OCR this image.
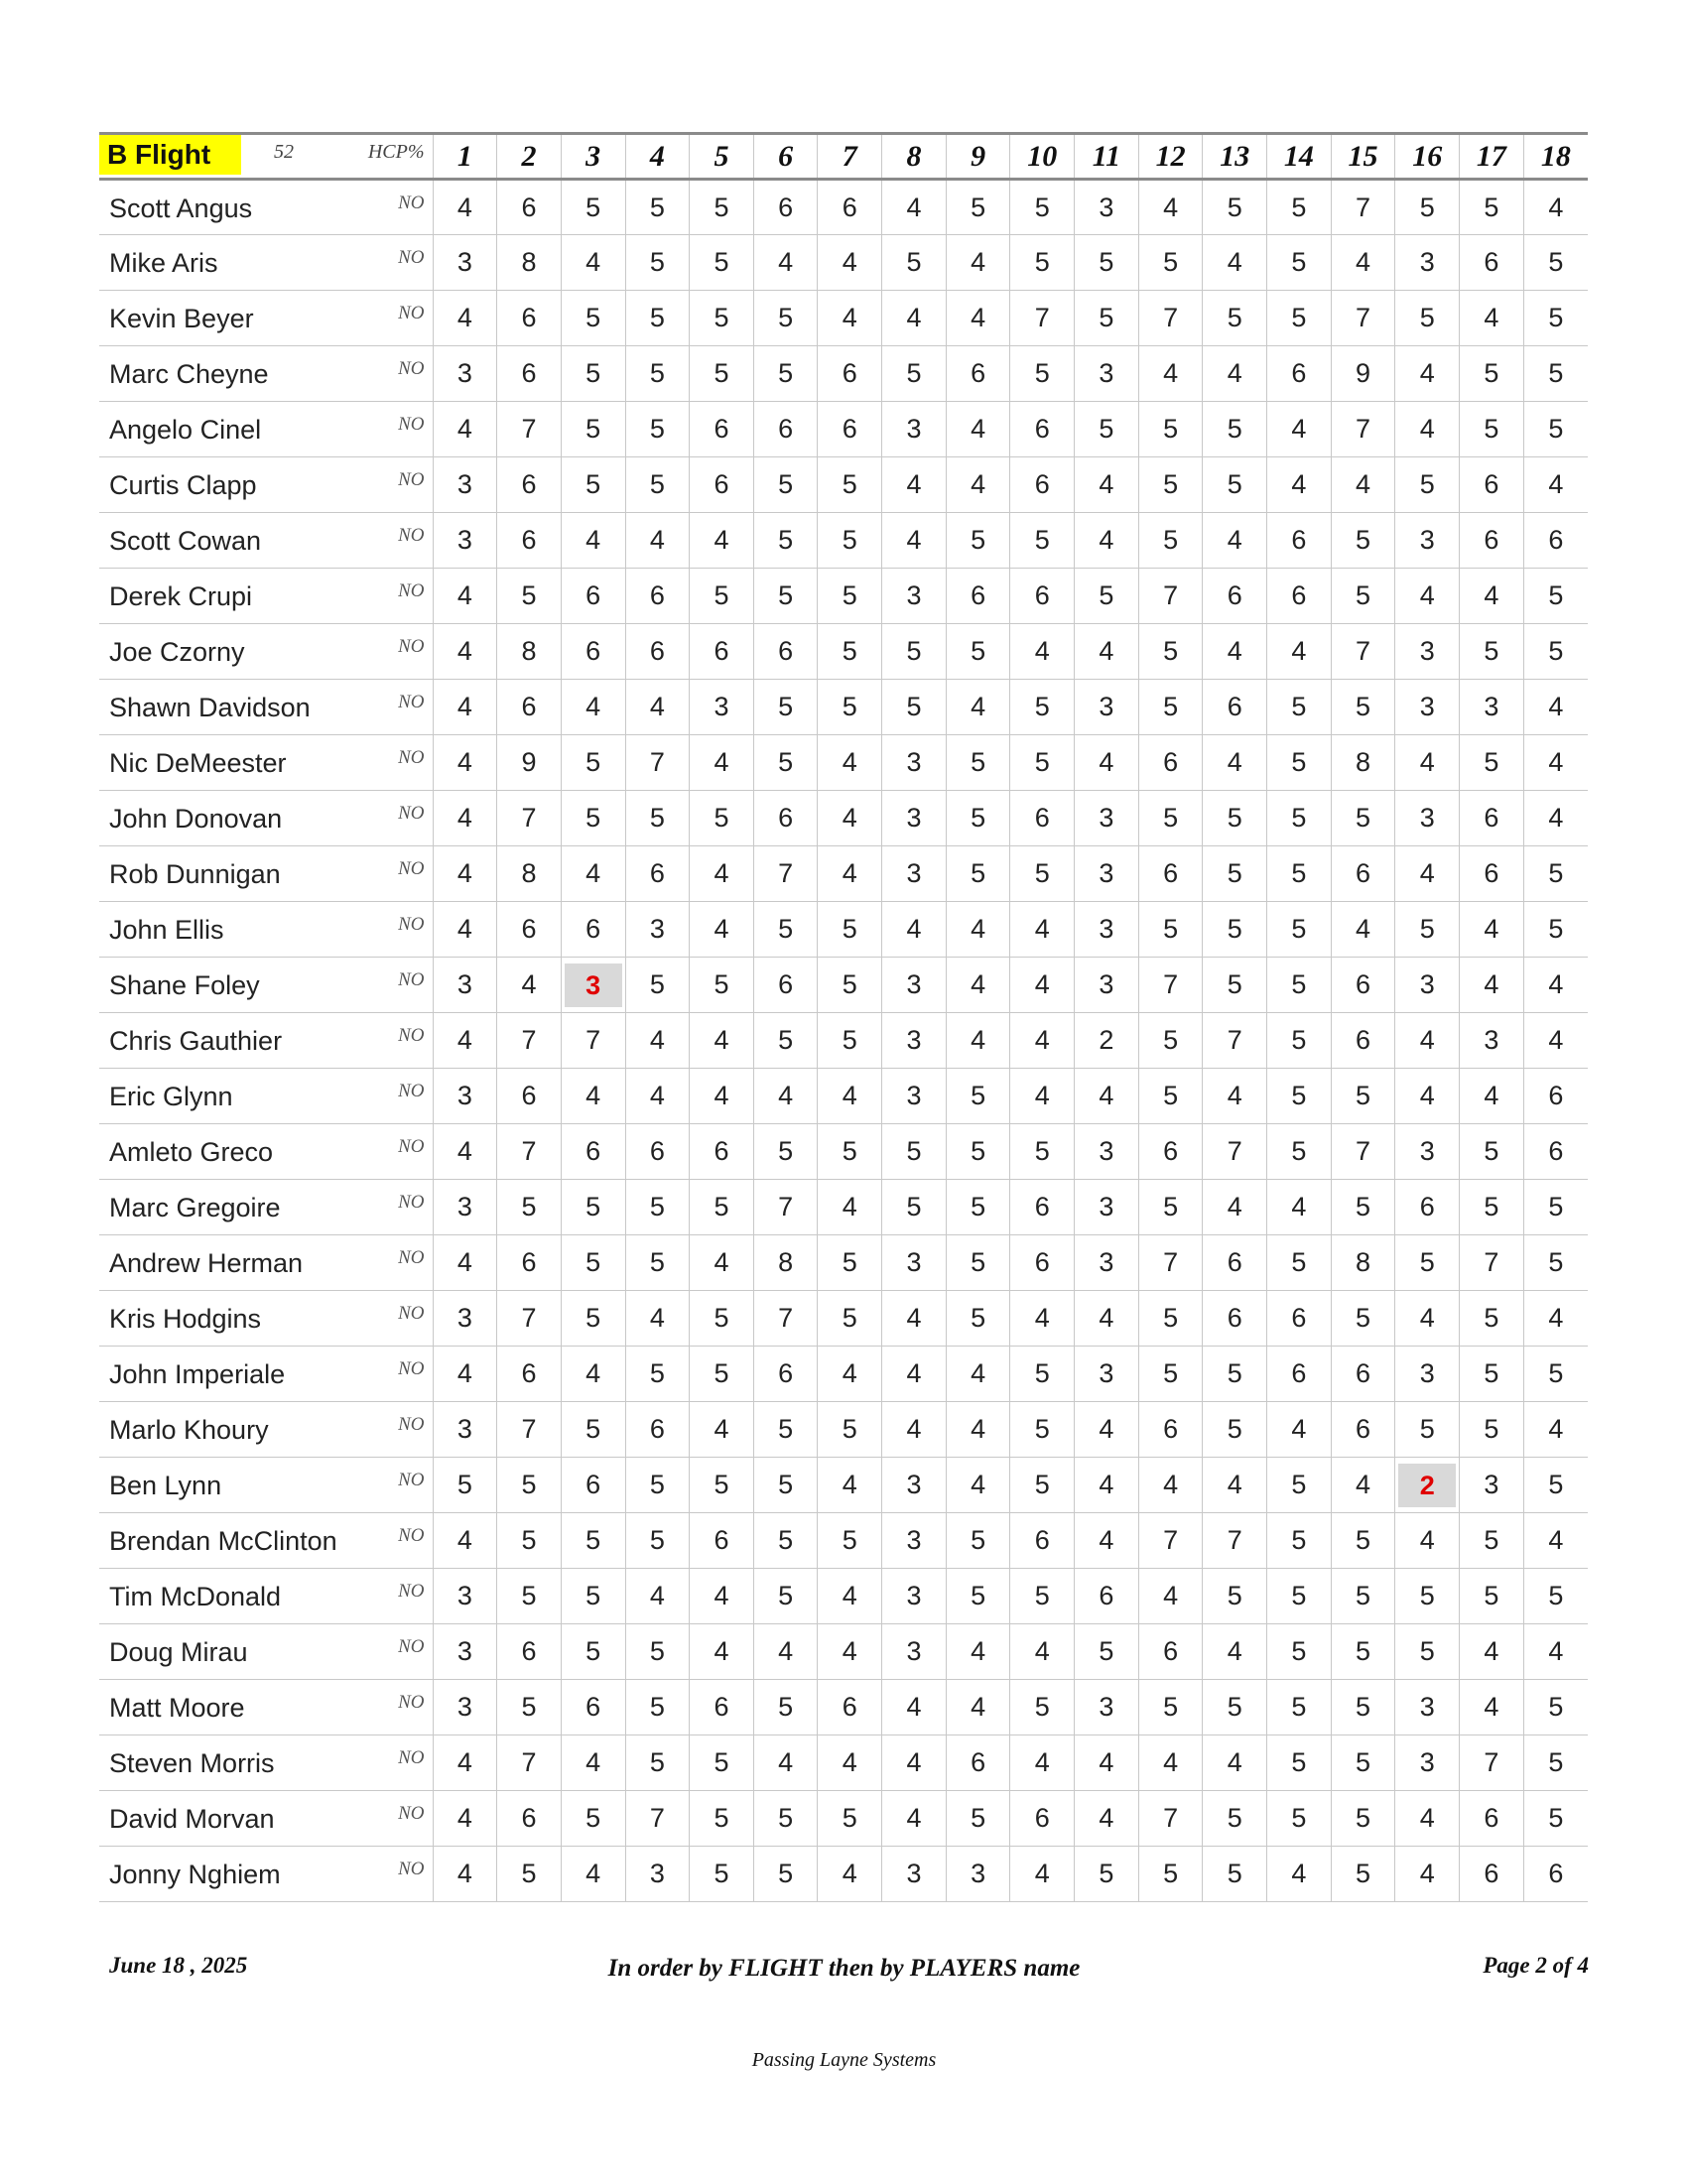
B Flight 52 HCP%	1	2	3	4	5	6	7	8	9	10	11	12	13	14	15	16	17	18

Scott Angus NO	4	6	5	5	5	6	6	4	5	5	3	4	5	5	7	5	5	4

Mike Aris NO	3	8	4	5	5	4	4	5	4	5	5	5	4	5	4	3	6	5

Kevin Beyer NO	4	6	5	5	5	5	4	4	4	7	5	7	5	5	7	5	4	5

Marc Cheyne NO	3	6	5	5	5	5	6	5	6	5	3	4	4	6	9	4	5	5

Angelo Cinel NO	4	7	5	5	6	6	6	3	4	6	5	5	5	4	7	4	5	5

Curtis Clapp NO	3	6	5	5	6	5	5	4	4	6	4	5	5	4	4	5	6	4

Scott Cowan NO	3	6	4	4	4	5	5	4	5	5	4	5	4	6	5	3	6	6

Derek Crupi NO	4	5	6	6	5	5	5	3	6	6	5	7	6	6	5	4	4	5

Joe Czorny NO	4	8	6	6	6	6	5	5	5	4	4	5	4	4	7	3	5	5

Shawn Davidson NO	4	6	4	4	3	5	5	5	4	5	3	5	6	5	5	3	3	4

Nic DeMeester NO	4	9	5	7	4	5	4	3	5	5	4	6	4	5	8	4	5	4

John Donovan NO	4	7	5	5	5	6	4	3	5	6	3	5	5	5	5	3	6	4

Rob Dunnigan NO	4	8	4	6	4	7	4	3	5	5	3	6	5	5	6	4	6	5

John Ellis NO	4	6	6	3	4	5	5	4	4	4	3	5	5	5	4	5	4	5

Shane Foley NO	3	4	3	5	5	6	5	3	4	4	3	7	5	5	6	3	4	4

Chris Gauthier NO	4	7	7	4	4	5	5	3	4	4	2	5	7	5	6	4	3	4

Eric Glynn NO	3	6	4	4	4	4	4	3	5	4	4	5	4	5	5	4	4	6

Amleto Greco NO	4	7	6	6	6	5	5	5	5	5	3	6	7	5	7	3	5	6

Marc Gregoire NO	3	5	5	5	5	7	4	5	5	6	3	5	4	4	5	6	5	5

Andrew Herman NO	4	6	5	5	4	8	5	3	5	6	3	7	6	5	8	5	7	5

Kris Hodgins NO	3	7	5	4	5	7	5	4	5	4	4	5	6	6	5	4	5	4

John Imperiale NO	4	6	4	5	5	6	4	4	4	5	3	5	5	6	6	3	5	5

Marlo Khoury NO	3	7	5	6	4	5	5	4	4	5	4	6	5	4	6	5	5	4

Ben Lynn NO	5	5	6	5	5	5	4	3	4	5	4	4	4	5	4	2	3	5

Brendan McClinton NO	4	5	5	5	6	5	5	3	5	6	4	7	7	5	5	4	5	4

Tim McDonald NO	3	5	5	4	4	5	4	3	5	5	6	4	5	5	5	5	5	5

Doug Mirau NO	3	6	5	5	4	4	4	3	4	4	5	6	4	5	5	5	4	4

Matt Moore NO	3	5	6	5	6	5	6	4	4	5	3	5	5	5	5	3	4	5

Steven Morris NO	4	7	4	5	5	4	4	4	6	4	4	4	4	5	5	3	7	5

David Morvan NO	4	6	5	7	5	5	5	4	5	6	4	7	5	5	5	4	6	5

Jonny Nghiem NO	4	5	4	3	5	5	4	3	3	4	5	5	5	4	5	4	6	6
June 18 , 2025	In order by FLIGHT then by PLAYERS name	Page 2 of 4
Passing Layne Systems
